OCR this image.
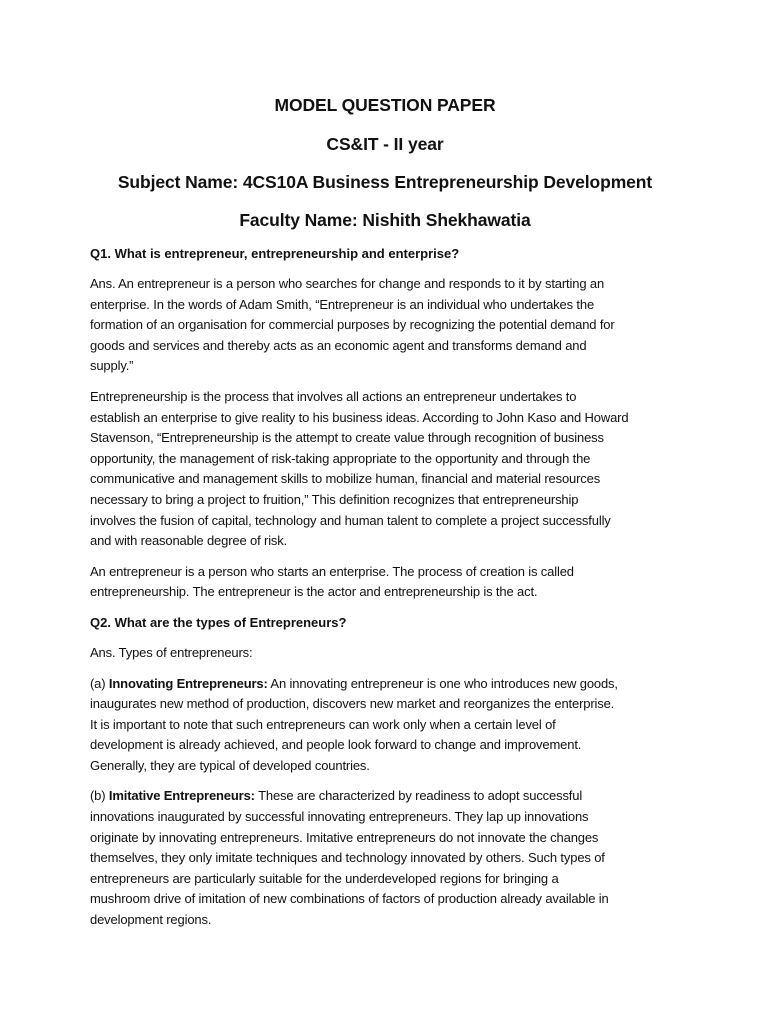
MODEL QUESTION PAPER
CS&IT - II year
Subject Name: 4CS10A Business Entrepreneurship Development
Faculty Name: Nishith Shekhawatia
Q1. What is entrepreneur, entrepreneurship and enterprise?
Ans. An entrepreneur is a person who searches for change and responds to it by starting an
enterprise. In the words of Adam Smith, “Entrepreneur is an individual who undertakes the
formation of an organisation for commercial purposes by recognizing the potential demand for
goods and services and thereby acts as an economic agent and transforms demand and
supply.”
Entrepreneurship is the process that involves all actions an entrepreneur undertakes to
establish an enterprise to give reality to his business ideas. According to John Kaso and Howard
Stavenson, “Entrepreneurship is the attempt to create value through recognition of business
opportunity, the management of risk-taking appropriate to the opportunity and through the
communicative and management skills to mobilize human, financial and material resources
necessary to bring a project to fruition,” This definition recognizes that entrepreneurship
involves the fusion of capital, technology and human talent to complete a project successfully
and with reasonable degree of risk.
An entrepreneur is a person who starts an enterprise. The process of creation is called
entrepreneurship. The entrepreneur is the actor and entrepreneurship is the act.
Q2. What are the types of Entrepreneurs?
Ans. Types of entrepreneurs:
(a) Innovating Entrepreneurs: An innovating entrepreneur is one who introduces new goods,
inaugurates new method of production, discovers new market and reorganizes the enterprise.
It is important to note that such entrepreneurs can work only when a certain level of
development is already achieved, and people look forward to change and improvement.
Generally, they are typical of developed countries.
(b) Imitative Entrepreneurs: These are characterized by readiness to adopt successful
innovations inaugurated by successful innovating entrepreneurs. They lap up innovations
originate by innovating entrepreneurs. Imitative entrepreneurs do not innovate the changes
themselves, they only imitate techniques and technology innovated by others. Such types of
entrepreneurs are particularly suitable for the underdeveloped regions for bringing a
mushroom drive of imitation of new combinations of factors of production already available in
development regions.
